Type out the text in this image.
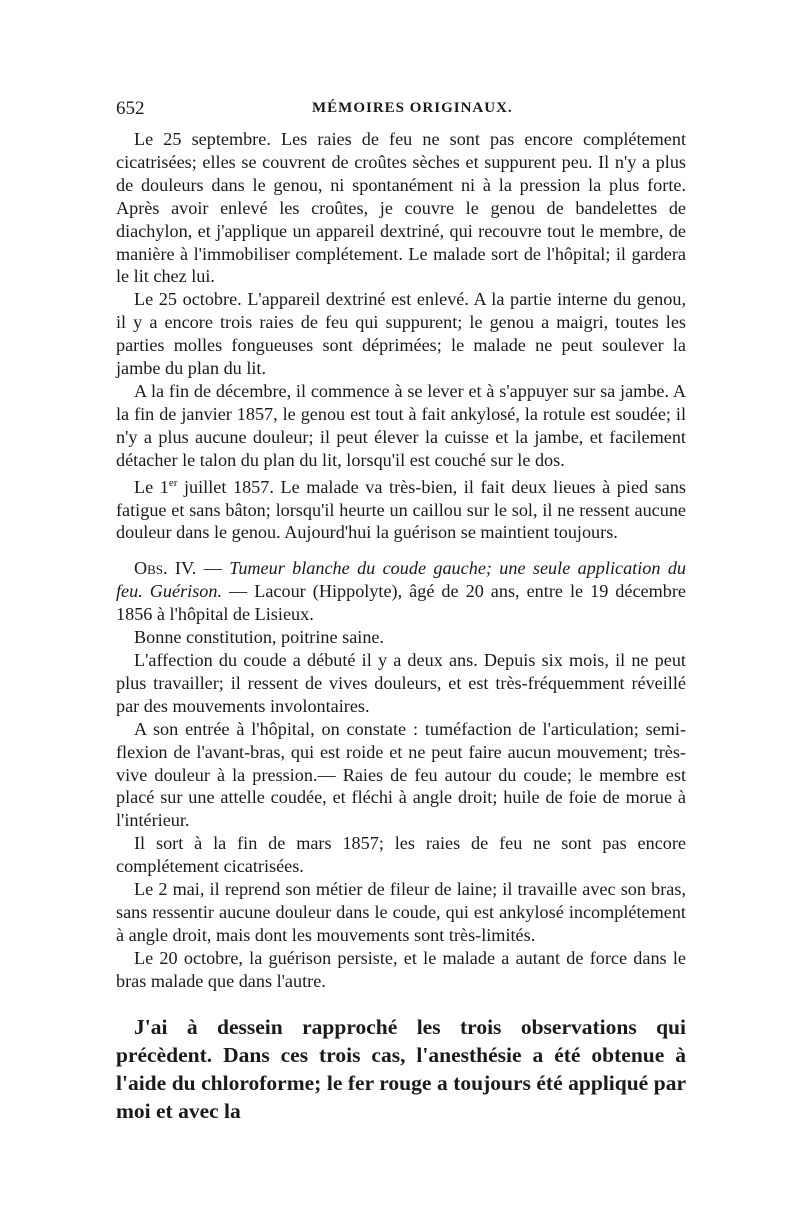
652	MÉMOIRES ORIGINAUX.

Le 25 septembre. Les raies de feu ne sont pas encore complétement cicatrisées; elles se couvrent de croûtes sèches et suppurent peu. Il n'y a plus de douleurs dans le genou, ni spontanément ni à la pression la plus forte. Après avoir enlevé les croûtes, je couvre le genou de bandelettes de diachylon, et j'applique un appareil dextriné, qui recouvre tout le membre, de manière à l'immobiliser complétement. Le malade sort de l'hôpital; il gardera le lit chez lui.

Le 25 octobre. L'appareil dextriné est enlevé. A la partie interne du genou, il y a encore trois raies de feu qui suppurent; le genou a maigri, toutes les parties molles fongueuses sont déprimées; le malade ne peut soulever la jambe du plan du lit.

A la fin de décembre, il commence à se lever et à s'appuyer sur sa jambe. A la fin de janvier 1857, le genou est tout à fait ankylosé, la rotule est soudée; il n'y a plus aucune douleur; il peut élever la cuisse et la jambe, et facilement détacher le talon du plan du lit, lorsqu'il est couché sur le dos.

Le 1er juillet 1857. Le malade va très-bien, il fait deux lieues à pied sans fatigue et sans bâton; lorsqu'il heurte un caillou sur le sol, il ne ressent aucune douleur dans le genou. Aujourd'hui la guérison se maintient toujours.

Obs. IV. — Tumeur blanche du coude gauche; une seule application du feu. Guérison. — Lacour (Hippolyte), âgé de 20 ans, entre le 19 décembre 1856 à l'hôpital de Lisieux.

Bonne constitution, poitrine saine.

L'affection du coude a débuté il y a deux ans. Depuis six mois, il ne peut plus travailler; il ressent de vives douleurs, et est très-fréquemment réveillé par des mouvements involontaires.

A son entrée à l'hôpital, on constate : tuméfaction de l'articulation; semi-flexion de l'avant-bras, qui est roide et ne peut faire aucun mouvement; très-vive douleur à la pression.— Raies de feu autour du coude; le membre est placé sur une attelle coudée, et fléchi à angle droit; huile de foie de morue à l'intérieur.

Il sort à la fin de mars 1857; les raies de feu ne sont pas encore complétement cicatrisées.

Le 2 mai, il reprend son métier de fileur de laine; il travaille avec son bras, sans ressentir aucune douleur dans le coude, qui est ankylosé incomplétement à angle droit, mais dont les mouvements sont très-limités.

Le 20 octobre, la guérison persiste, et le malade a autant de force dans le bras malade que dans l'autre.

J'ai à dessein rapproché les trois observations qui précèdent. Dans ces trois cas, l'anesthésie a été obtenue à l'aide du chloroforme; le fer rouge a toujours été appliqué par moi et avec la
